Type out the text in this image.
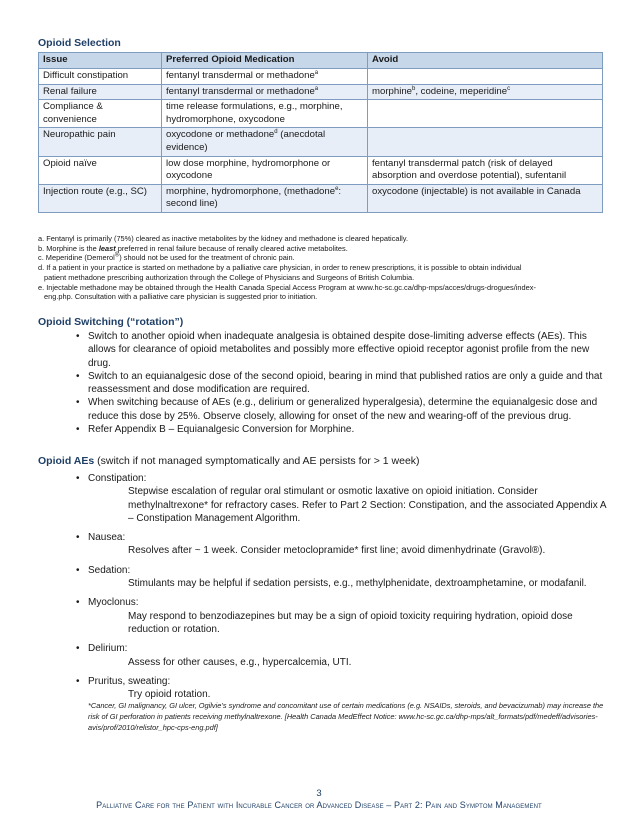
Opioid Selection
Issue	Preferred Opioid Medication	Avoid
Difficult constipation	fentanyl transdermal or methadone$^a$	
Renal failure	fentanyl transdermal or methadone$^a$	morphine$^b$, codeine, meperidine$^c$
Compliance & convenience	time release formulations, e.g., morphine, hydromorphone, oxycodone	
Neuropathic pain	oxycodone or methadone$^d$ (anecdotal evidence)	
Opioid naïve	low dose morphine, hydromorphone or oxycodone	fentanyl transdermal patch (risk of delayed absorption and overdose potential), sufentanil
Injection route (e.g., SC)	morphine, hydromorphone, (methadone$^e$: second line)	oxycodone (injectable) is not available in Canada
a. Fentanyl is primarily (75%) cleared as inactive metabolites by the kidney and methadone is cleared hepatically.
b. Morphine is the least preferred in renal failure because of renally cleared active metabolites.
c. Meperidine (Demerol®) should not be used for the treatment of chronic pain.
d. If a patient in your practice is started on methadone by a palliative care physician, in order to renew prescriptions, it is possible to obtain individual
patient methadone prescribing authorization through the College of Physicians and Surgeons of British Columbia.
e. Injectable methadone may be obtained through the Health Canada Special Access Program at www.hc-sc.gc.ca/dhp-mps/acces/drugs-drogues/index-
eng.php. Consultation with a palliative care physician is suggested prior to initiation.
Opioid Switching (“rotation”)
• Switch to another opioid when inadequate analgesia is obtained despite dose-limiting adverse effects (AEs). This allows for clearance of opioid metabolites and possibly more effective opioid receptor agonist profile from the new drug.
• Switch to an equianalgesic dose of the second opioid, bearing in mind that published ratios are only a guide and that reassessment and dose modification are required.
• When switching because of AEs (e.g., delirium or generalized hyperalgesia), determine the equianalgesic dose and reduce this dose by 25%. Observe closely, allowing for onset of the new and wearing-off of the previous drug.
• Refer Appendix B – Equianalgesic Conversion for Morphine.
Opioid AEs (switch if not managed symptomatically and AE persists for > 1 week)
• Constipation:
Stepwise escalation of regular oral stimulant or osmotic laxative on opioid initiation. Consider methylnaltrexone* for refractory cases. Refer to Part 2 Section: Constipation, and the associated Appendix A – Constipation Management Algorithm.
• Nausea:
Resolves after ~ 1 week. Consider metoclopramide* first line; avoid dimenhydrinate (Gravol®).
• Sedation:
Stimulants may be helpful if sedation persists, e.g., methylphenidate, dextroamphetamine, or modafanil.
• Myoclonus:
May respond to benzodiazepines but may be a sign of opioid toxicity requiring hydration, opioid dose reduction or rotation.
• Delirium:
Assess for other causes, e.g., hypercalcemia, UTI.
• Pruritus, sweating:
Try opioid rotation.
*Cancer, GI malignancy, GI ulcer, Ogilvie’s syndrome and concomitant use of certain medications (e.g. NSAIDs, steroids, and bevacizumab) may increase the risk of GI perforation in patients receiving methylnaltrexone. [Health Canada MedEffect Notice: www.hc-sc.gc.ca/dhp-mps/alt_formats/pdf/medeff/advisories-avis/prof/2010/relistor_hpc-cps-eng.pdf]
3
Palliative Care for the Patient with Incurable Cancer or Advanced Disease – Part 2: Pain and Symptom Management
